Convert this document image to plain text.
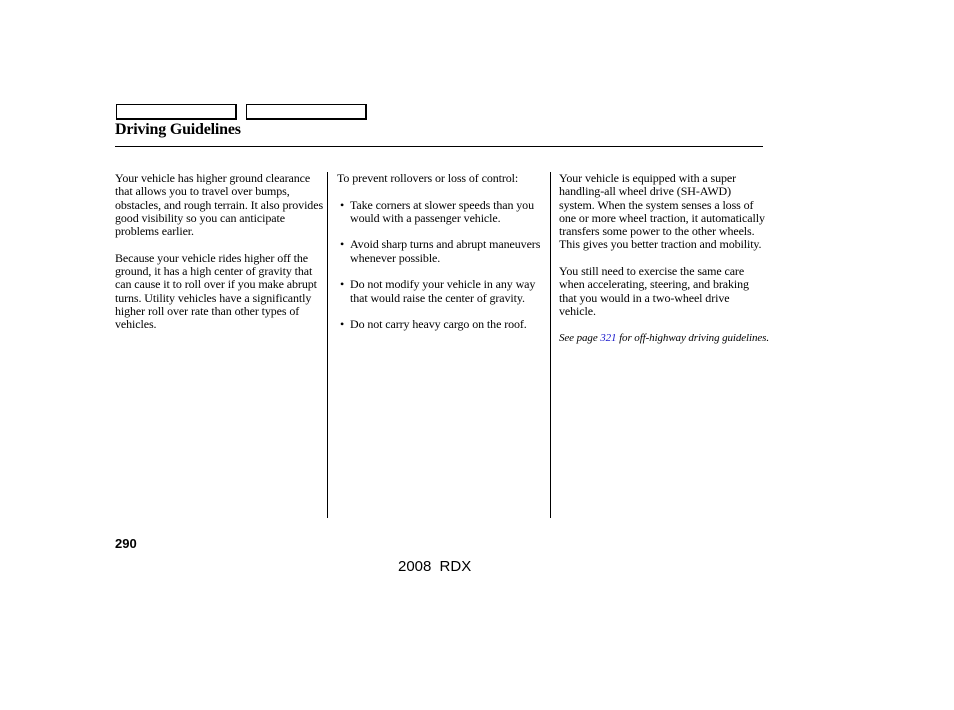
Driving Guidelines

Your vehicle has higher ground clearance that allows you to travel over bumps, obstacles, and rough terrain. It also provides good visibility so you can anticipate problems earlier.

Because your vehicle rides higher off the ground, it has a high center of gravity that can cause it to roll over if you make abrupt turns. Utility vehicles have a significantly higher roll over rate than other types of vehicles.

To prevent rollovers or loss of control:

• Take corners at slower speeds than you would with a passenger vehicle.
• Avoid sharp turns and abrupt maneuvers whenever possible.
• Do not modify your vehicle in any way that would raise the center of gravity.
• Do not carry heavy cargo on the roof.

Your vehicle is equipped with a super handling-all wheel drive (SH-AWD) system. When the system senses a loss of one or more wheel traction, it automatically transfers some power to the other wheels. This gives you better traction and mobility.

You still need to exercise the same care when accelerating, steering, and braking that you would in a two-wheel drive vehicle.

See page 321 for off-highway driving guidelines.

290
2008 RDX
